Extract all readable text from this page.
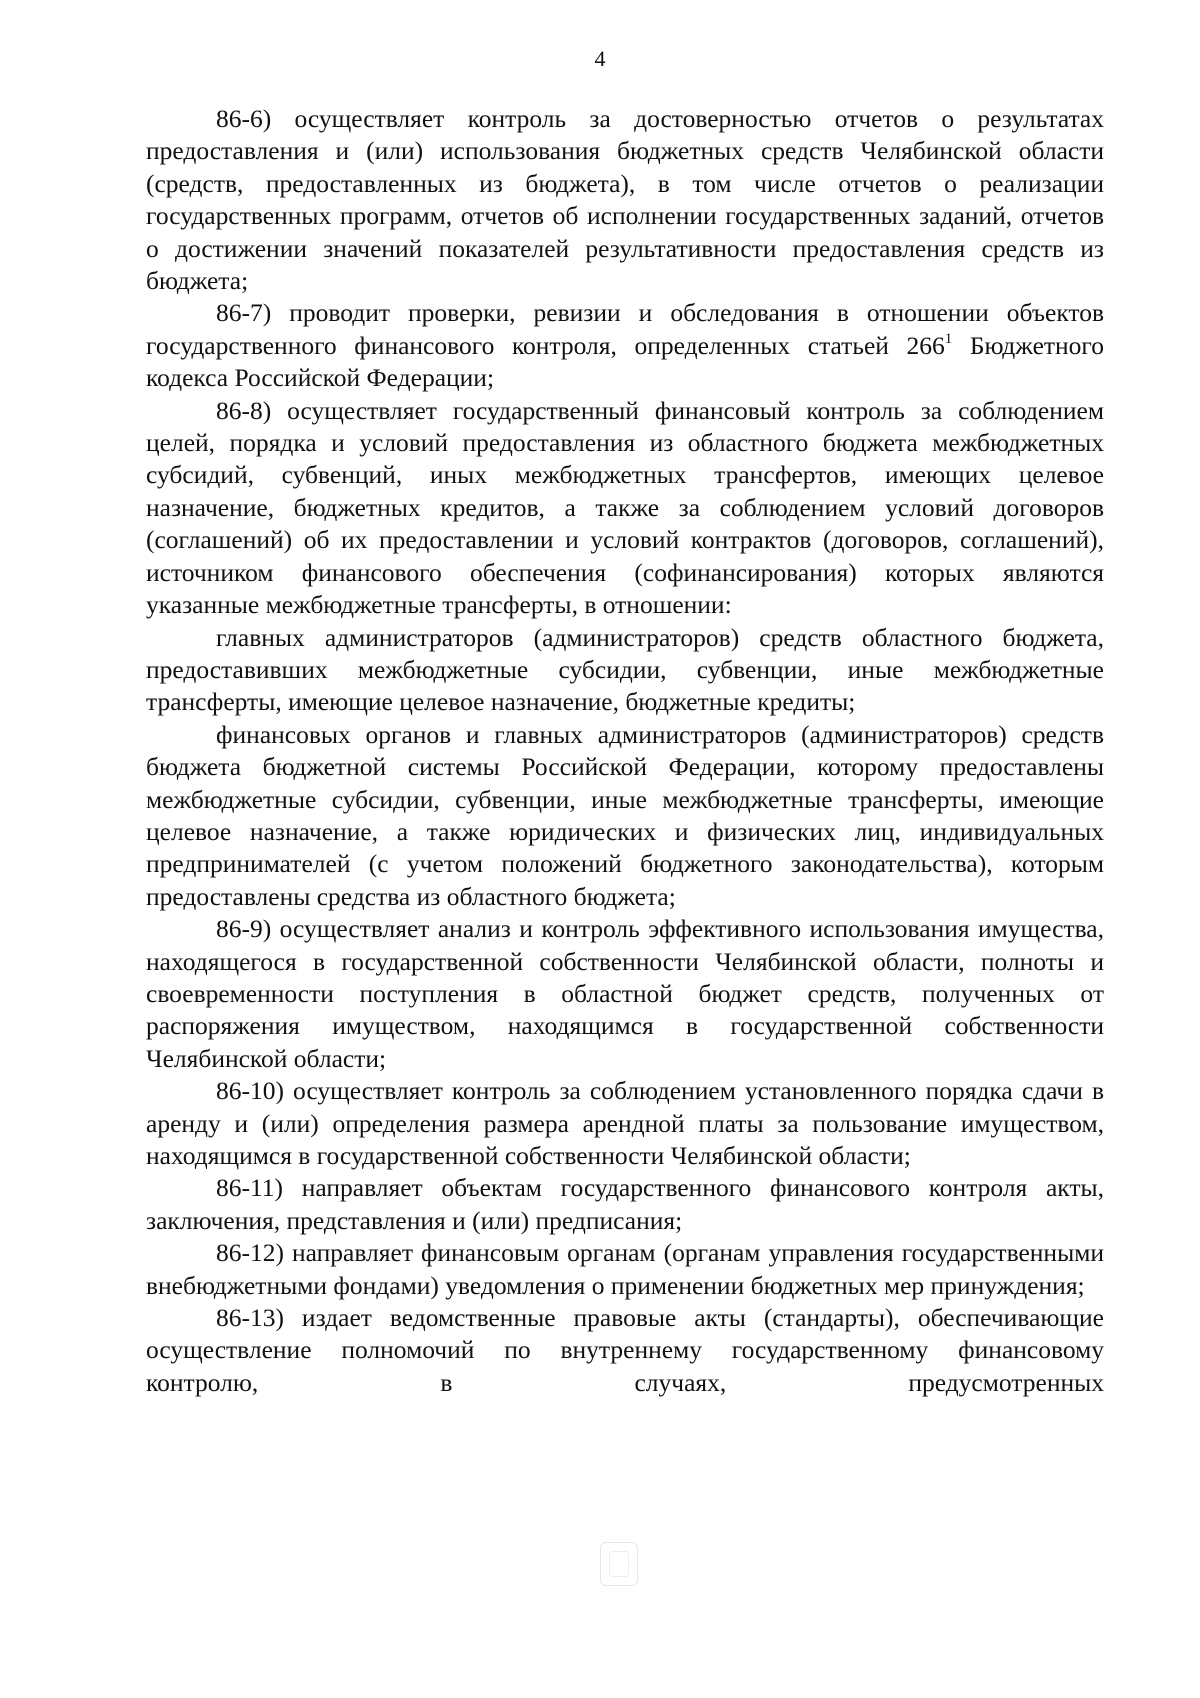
4

86-6) осуществляет контроль за достоверностью отчетов о результатах предоставления и (или) использования бюджетных средств Челябинской области (средств, предоставленных из бюджета), в том числе отчетов о реализации государственных программ, отчетов об исполнении государственных заданий, отчетов о достижении значений показателей результативности предоставления средств из бюджета;

86-7) проводит проверки, ревизии и обследования в отношении объектов государственного финансового контроля, определенных статьей $266^1$ Бюджетного кодекса Российской Федерации;

86-8) осуществляет государственный финансовый контроль за соблюдением целей, порядка и условий предоставления из областного бюджета межбюджетных субсидий, субвенций, иных межбюджетных трансфертов, имеющих целевое назначение, бюджетных кредитов, а также за соблюдением условий договоров (соглашений) об их предоставлении и условий контрактов (договоров, соглашений), источником финансового обеспечения (софинансирования) которых являются указанные межбюджетные трансферты, в отношении:

главных администраторов (администраторов) средств областного бюджета, предоставивших межбюджетные субсидии, субвенции, иные межбюджетные трансферты, имеющие целевое назначение, бюджетные кредиты;

финансовых органов и главных администраторов (администраторов) средств бюджета бюджетной системы Российской Федерации, которому предоставлены межбюджетные субсидии, субвенции, иные межбюджетные трансферты, имеющие целевое назначение, а также юридических и физических лиц, индивидуальных предпринимателей (с учетом положений бюджетного законодательства), которым предоставлены средства из областного бюджета;

86-9) осуществляет анализ и контроль эффективного использования имущества, находящегося в государственной собственности Челябинской области, полноты и своевременности поступления в областной бюджет средств, полученных от распоряжения имуществом, находящимся в государственной собственности Челябинской области;

86-10) осуществляет контроль за соблюдением установленного порядка сдачи в аренду и (или) определения размера арендной платы за пользование имуществом, находящимся в государственной собственности Челябинской области;

86-11) направляет объектам государственного финансового контроля акты, заключения, представления и (или) предписания;

86-12) направляет финансовым органам (органам управления государственными внебюджетными фондами) уведомления о применении бюджетных мер принуждения;

86-13) издает ведомственные правовые акты (стандарты), обеспечивающие осуществление полномочий по внутреннему государственному финансовому контролю, в случаях, предусмотренных
